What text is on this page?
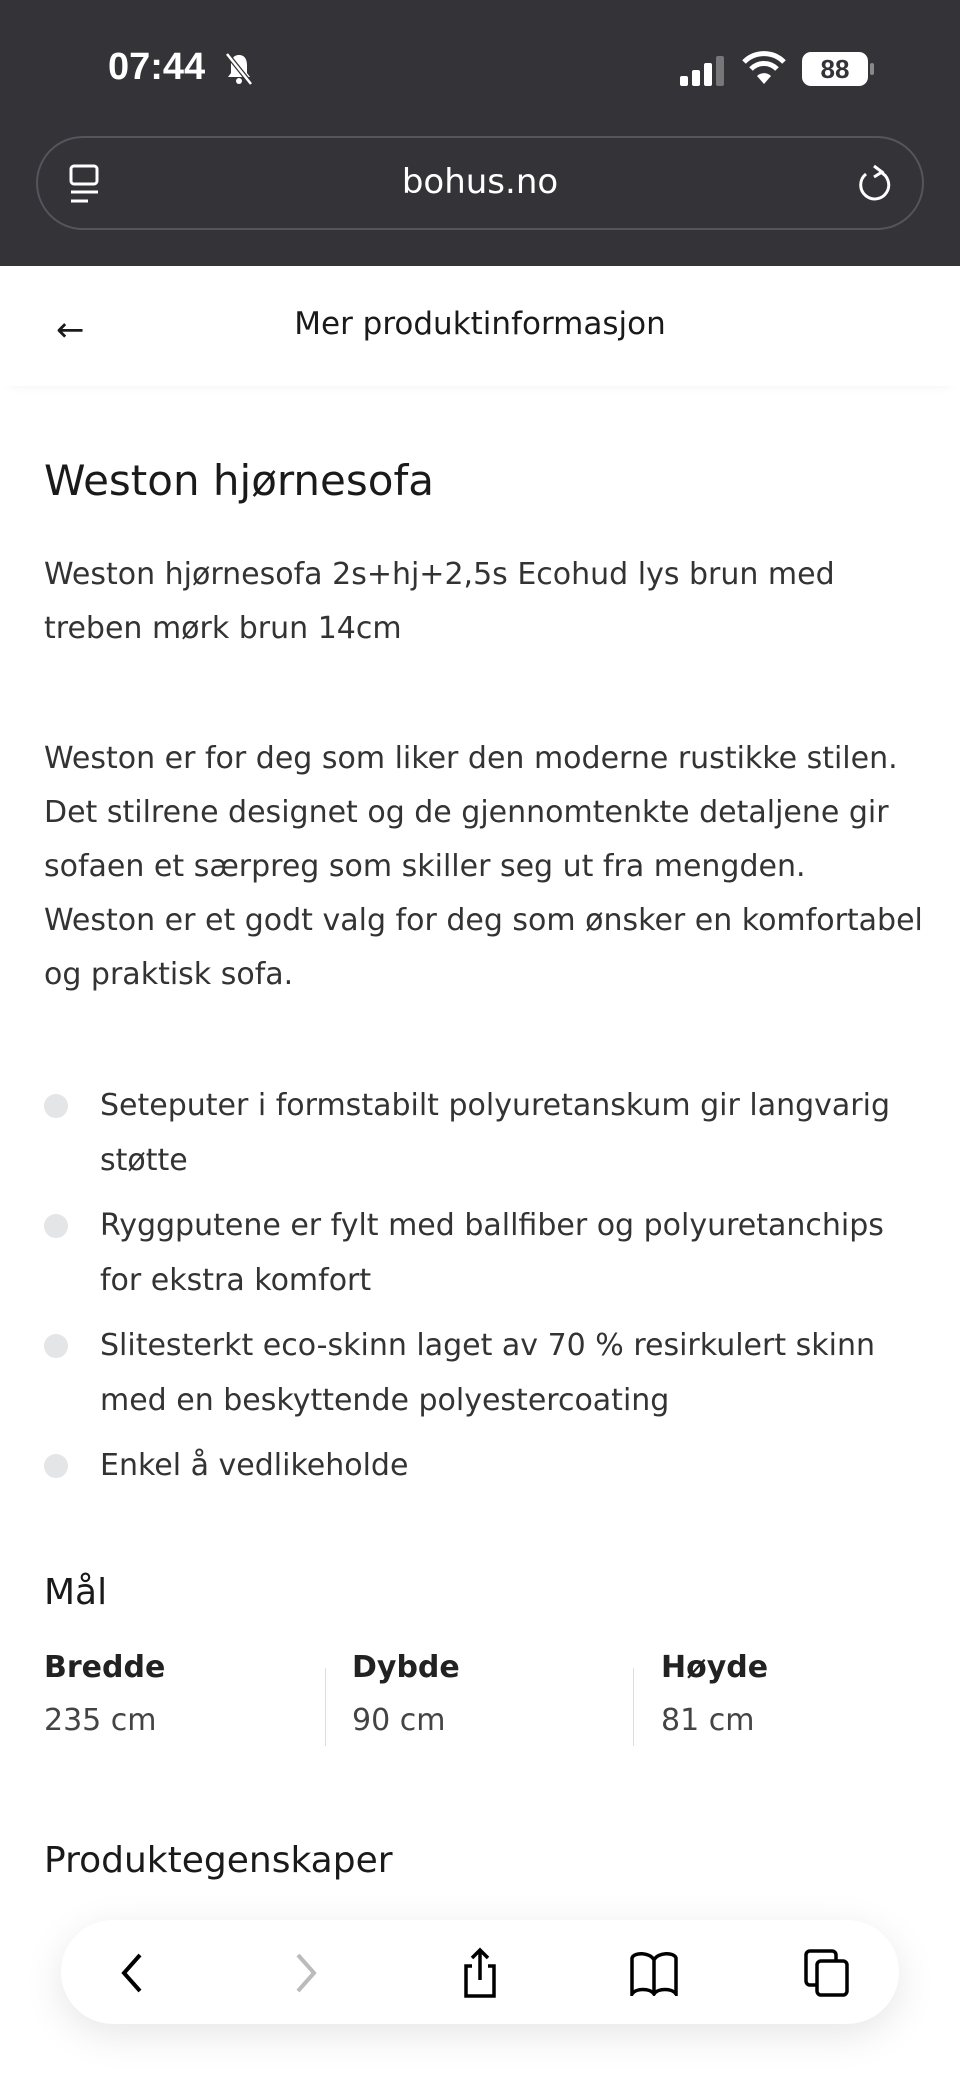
07:44	88
bohus.no
←	Mer produktinformasjon
Weston hjørnesofa

Weston hjørnesofa 2s+hj+2,5s Ecohud lys brun med treben mørk brun 14cm

Weston er for deg som liker den moderne rustikke stilen. Det stilrene designet og de gjennomtenkte detaljene gir sofaen et særpreg som skiller seg ut fra mengden. Weston er et godt valg for deg som ønsker en komfortabel og praktisk sofa.

Seteputer i formstabilt polyuretanskum gir langvarig støtte
Ryggputene er fylt med ballfiber og polyuretanchips for ekstra komfort
Slitesterkt eco-skinn laget av 70 % resirkulert skinn med en beskyttende polyestercoating
Enkel å vedlikeholde
Mål
Bredde
235 cm
Dybde
90 cm
Høyde
81 cm
Produktegenskaper
